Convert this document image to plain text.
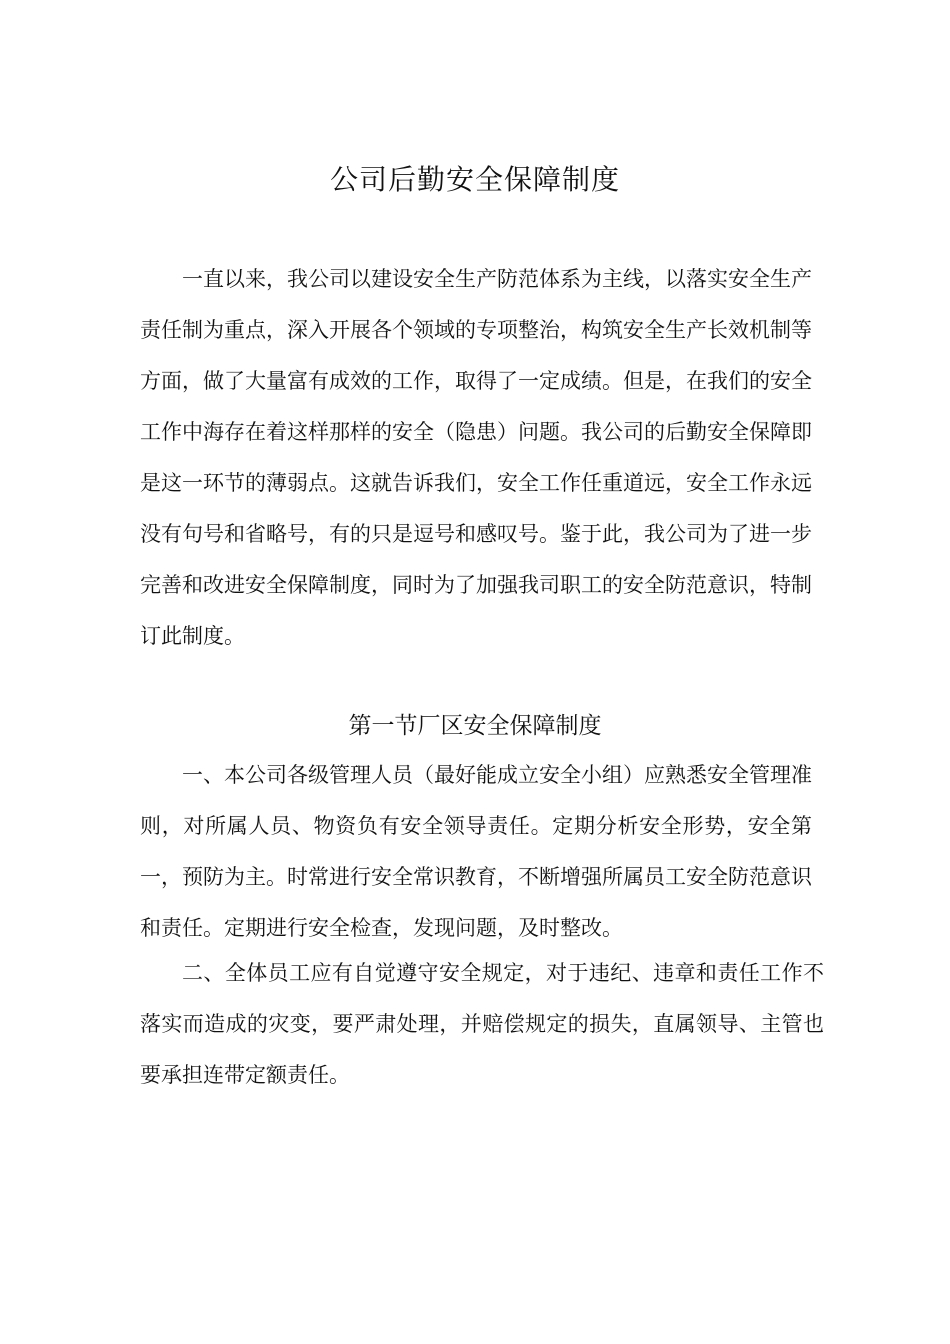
公司后勤安全保障制度

一直以来，我公司以建设安全生产防范体系为主线，以落实安全生产责任制为重点，深入开展各个领域的专项整治，构筑安全生产长效机制等方面，做了大量富有成效的工作，取得了一定成绩。但是，在我们的安全工作中海存在着这样那样的安全（隐患）问题。我公司的后勤安全保障即是这一环节的薄弱点。这就告诉我们，安全工作任重道远，安全工作永远没有句号和省略号，有的只是逗号和感叹号。鉴于此，我公司为了进一步完善和改进安全保障制度，同时为了加强我司职工的安全防范意识，特制订此制度。

第一节厂区安全保障制度

一、本公司各级管理人员（最好能成立安全小组）应熟悉安全管理准则，对所属人员、物资负有安全领导责任。定期分析安全形势，安全第一，预防为主。时常进行安全常识教育，不断增强所属员工安全防范意识和责任。定期进行安全检查，发现问题，及时整改。

二、全体员工应有自觉遵守安全规定，对于违纪、违章和责任工作不落实而造成的灾变，要严肃处理，并赔偿规定的损失，直属领导、主管也要承担连带定额责任。
